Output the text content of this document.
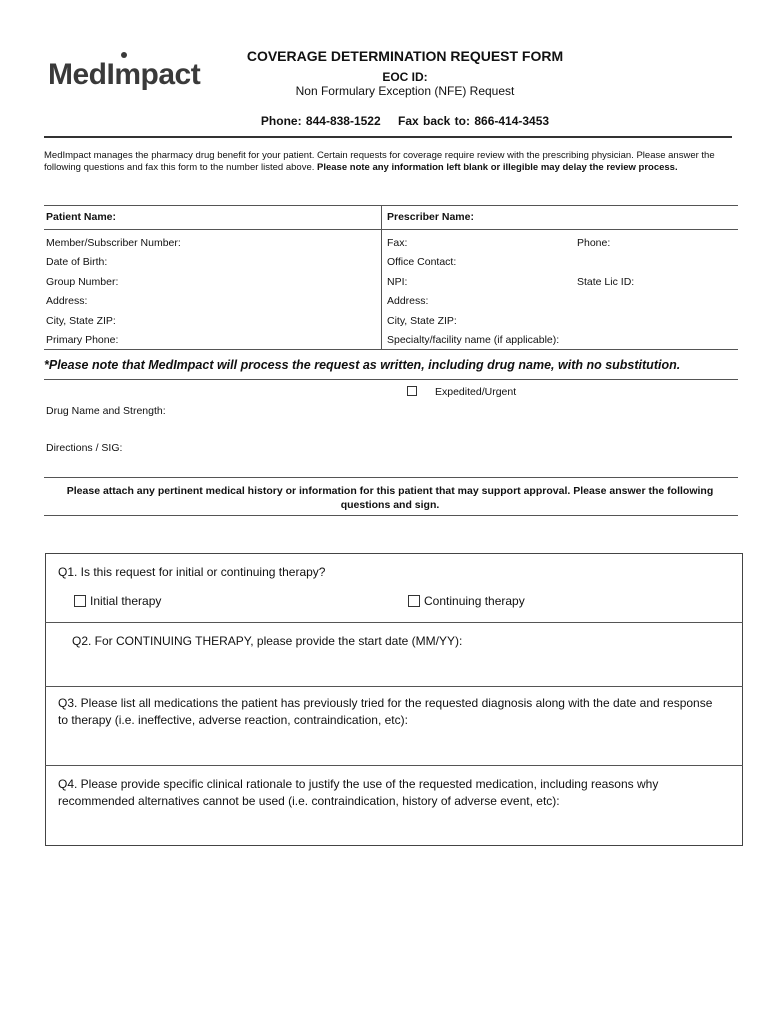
MedImpact
COVERAGE DETERMINATION REQUEST FORM
EOC ID:
Non Formulary Exception (NFE) Request
Phone: 844-838-1522    Fax back to: 866-414-3453
MedImpact manages the pharmacy drug benefit for your patient. Certain requests for coverage require review with the prescribing physician. Please answer the following questions and fax this form to the number listed above. Please note any information left blank or illegible may delay the review process.
Patient Name:	Prescriber Name:
Member/Subscriber Number:
Date of Birth:
Group Number:
Address:
City, State ZIP:
Primary Phone:
Fax:
Office Contact:
NPI:
Address:
City, State ZIP:
Specialty/facility name (if applicable):
Phone:
State Lic ID:
*Please note that MedImpact will process the request as written, including drug name, with no substitution.
Expedited/Urgent
Drug Name and Strength:
Directions / SIG:
Please attach any pertinent medical history or information for this patient that may support approval. Please answer the following questions and sign.
Q1. Is this request for initial or continuing therapy?
Initial therapy	Continuing therapy
Q2. For CONTINUING THERAPY, please provide the start date (MM/YY):
Q3. Please list all medications the patient has previously tried for the requested diagnosis along with the date and response to therapy (i.e. ineffective, adverse reaction, contraindication, etc):
Q4. Please provide specific clinical rationale to justify the use of the requested medication, including reasons why recommended alternatives cannot be used (i.e. contraindication, history of adverse event, etc):
